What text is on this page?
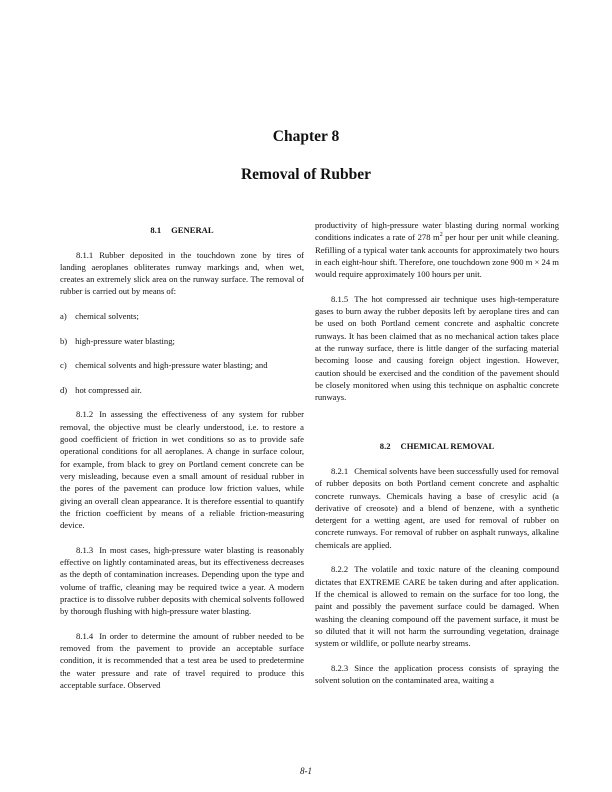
Chapter 8
Removal of Rubber

8.1 GENERAL

8.1.1 Rubber deposited in the touchdown zone by tires of landing aeroplanes obliterates runway markings and, when wet, creates an extremely slick area on the runway surface. The removal of rubber is carried out by means of:

a) chemical solvents;

b) high-pressure water blasting;

c) chemical solvents and high-pressure water blasting; and

d) hot compressed air.

8.1.2 In assessing the effectiveness of any system for rubber removal, the objective must be clearly understood, i.e. to restore a good coefficient of friction in wet conditions so as to provide safe operational conditions for all aeroplanes. A change in surface colour, for example, from black to grey on Portland cement concrete can be very misleading, because even a small amount of residual rubber in the pores of the pavement can produce low friction values, while giving an overall clean appearance. It is therefore essential to quantify the friction coefficient by means of a reliable friction-measuring device.

8.1.3 In most cases, high-pressure water blasting is reasonably effective on lightly contaminated areas, but its effectiveness decreases as the depth of contamination increases. Depending upon the type and volume of traffic, cleaning may be required twice a year. A modern practice is to dissolve rubber deposits with chemical solvents followed by thorough flushing with high-pressure water blasting.

8.1.4 In order to determine the amount of rubber needed to be removed from the pavement to provide an acceptable surface condition, it is recommended that a test area be used to predetermine the water pressure and rate of travel required to produce this acceptable surface. Observed

productivity of high-pressure water blasting during normal working conditions indicates a rate of 278 $m^2$ per hour per unit while cleaning. Refilling of a typical water tank accounts for approximately two hours in each eight-hour shift. Therefore, one touchdown zone 900 m × 24 m would require approximately 100 hours per unit.

8.1.5 The hot compressed air technique uses high-temperature gases to burn away the rubber deposits left by aeroplane tires and can be used on both Portland cement concrete and asphaltic concrete runways. It has been claimed that as no mechanical action takes place at the runway surface, there is little danger of the surfacing material becoming loose and causing foreign object ingestion. However, caution should be exercised and the condition of the pavement should be closely monitored when using this technique on asphaltic concrete runways.

8.2 CHEMICAL REMOVAL

8.2.1 Chemical solvents have been successfully used for removal of rubber deposits on both Portland cement concrete and asphaltic concrete runways. Chemicals having a base of cresylic acid (a derivative of creosote) and a blend of benzene, with a synthetic detergent for a wetting agent, are used for removal of rubber on concrete runways. For removal of rubber on asphalt runways, alkaline chemicals are applied.

8.2.2 The volatile and toxic nature of the cleaning compound dictates that EXTREME CARE be taken during and after application. If the chemical is allowed to remain on the surface for too long, the paint and possibly the pavement surface could be damaged. When washing the cleaning compound off the pavement surface, it must be so diluted that it will not harm the surrounding vegetation, drainage system or wildlife, or pollute nearby streams.

8.2.3 Since the application process consists of spraying the solvent solution on the contaminated area, waiting a

8-1
